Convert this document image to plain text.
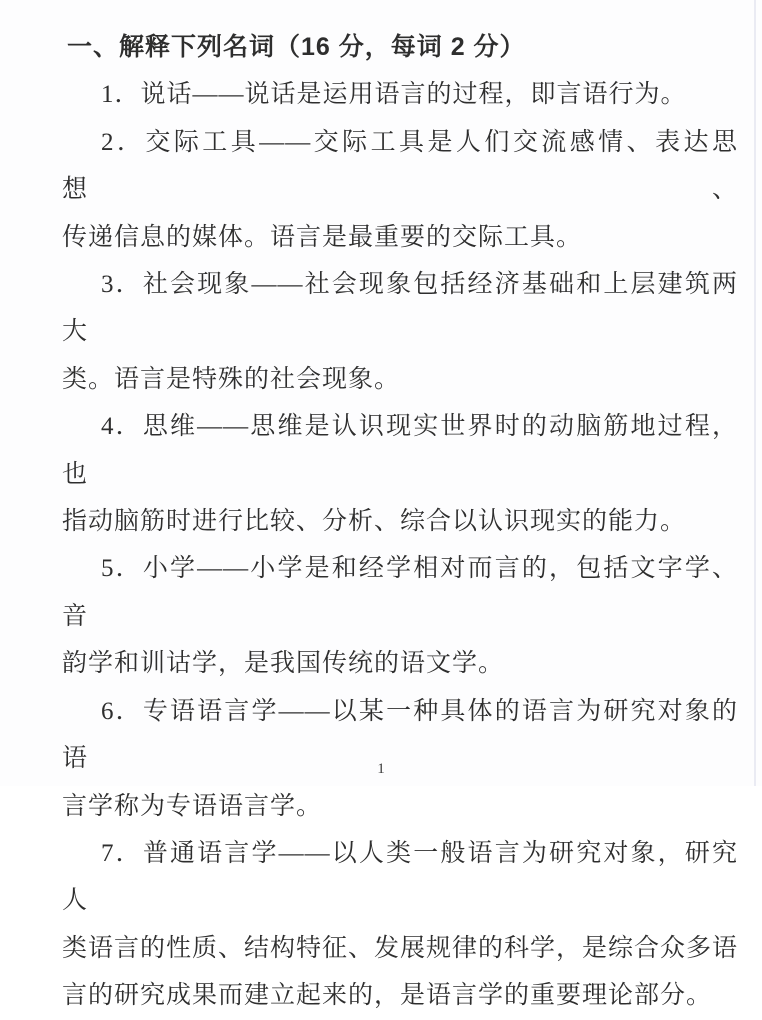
一、解释下列名词（16 分，每词 2 分）
1．说话——说话是运用语言的过程，即言语行为。
2．交际工具——交际工具是人们交流感情、表达思想、
传递信息的媒体。语言是最重要的交际工具。
3．社会现象——社会现象包括经济基础和上层建筑两大
类。语言是特殊的社会现象。
4．思维——思维是认识现实世界时的动脑筋地过程，也
指动脑筋时进行比较、分析、综合以认识现实的能力。
5．小学——小学是和经学相对而言的，包括文字学、音
韵学和训诂学，是我国传统的语文学。
6．专语语言学——以某一种具体的语言为研究对象的语
言学称为专语语言学。
7．普通语言学——以人类一般语言为研究对象，研究人
类语言的性质、结构特征、发展规律的科学，是综合众多语
言的研究成果而建立起来的，是语言学的重要理论部分。
1
